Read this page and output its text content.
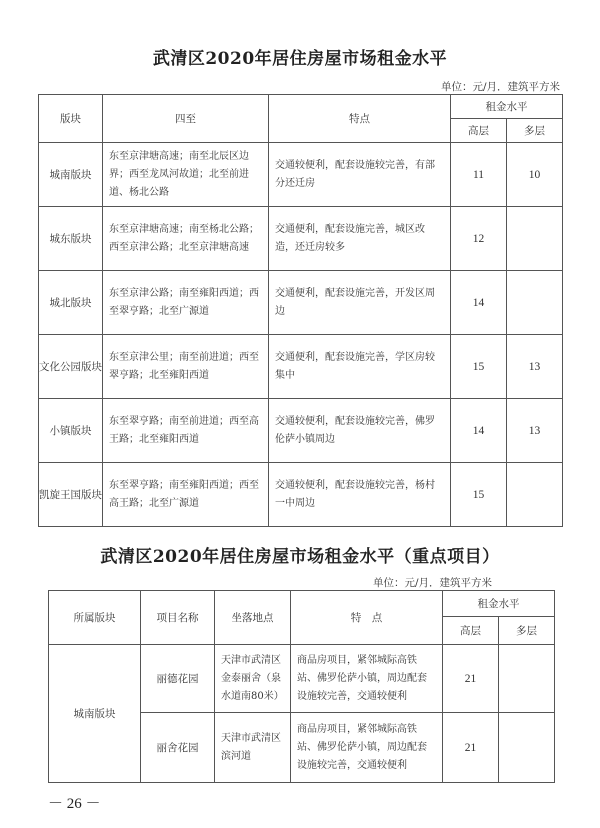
武清区2020年居住房屋市场租金水平
单位：元/月．建筑平方米
版块	四至	特点	租金水平	
			高层	多层
城南版块	东至京津塘高速；南至北辰区边界；西至龙凤河故道；北至前进道、杨北公路	交通较便利，配套设施较完善，有部分还迁房	11	10
城东版块	东至京津塘高速；南至杨北公路；西至京津公路；北至京津塘高速	交通便利，配套设施完善，城区改造，还迁房较多	12	
城北版块	东至京津公路；南至雍阳西道；西至翠亨路；北至广源道	交通便利，配套设施完善，开发区周边	14	
文化公园版块	东至京津公里；南至前进道；西至翠亨路；北至雍阳西道	交通便利，配套设施完善，学区房较集中	15	13
小镇版块	东至翠亨路；南至前进道；西至高王路；北至雍阳西道	交通较便利，配套设施较完善，佛罗伦萨小镇周边	14	13
凯旋王国版块	东至翠亨路；南至雍阳西道；西至高王路；北至广源道	交通较便利，配套设施较完善，杨村一中周边	15	
武清区2020年居住房屋市场租金水平（重点项目）
单位：元/月．建筑平方米
所属版块	项目名称	坐落地点	特　点	租金水平	
				高层	多层
城南版块	丽德花园	天津市武清区金泰丽舍（泉水道南80米）	商品房项目，紧邻城际高铁站、佛罗伦萨小镇，周边配套设施较完善，交通较便利	21	
	丽舍花园	天津市武清区滨河道	商品房项目，紧邻城际高铁站、佛罗伦萨小镇，周边配套设施较完善，交通较便利	21	
－ 26 －
